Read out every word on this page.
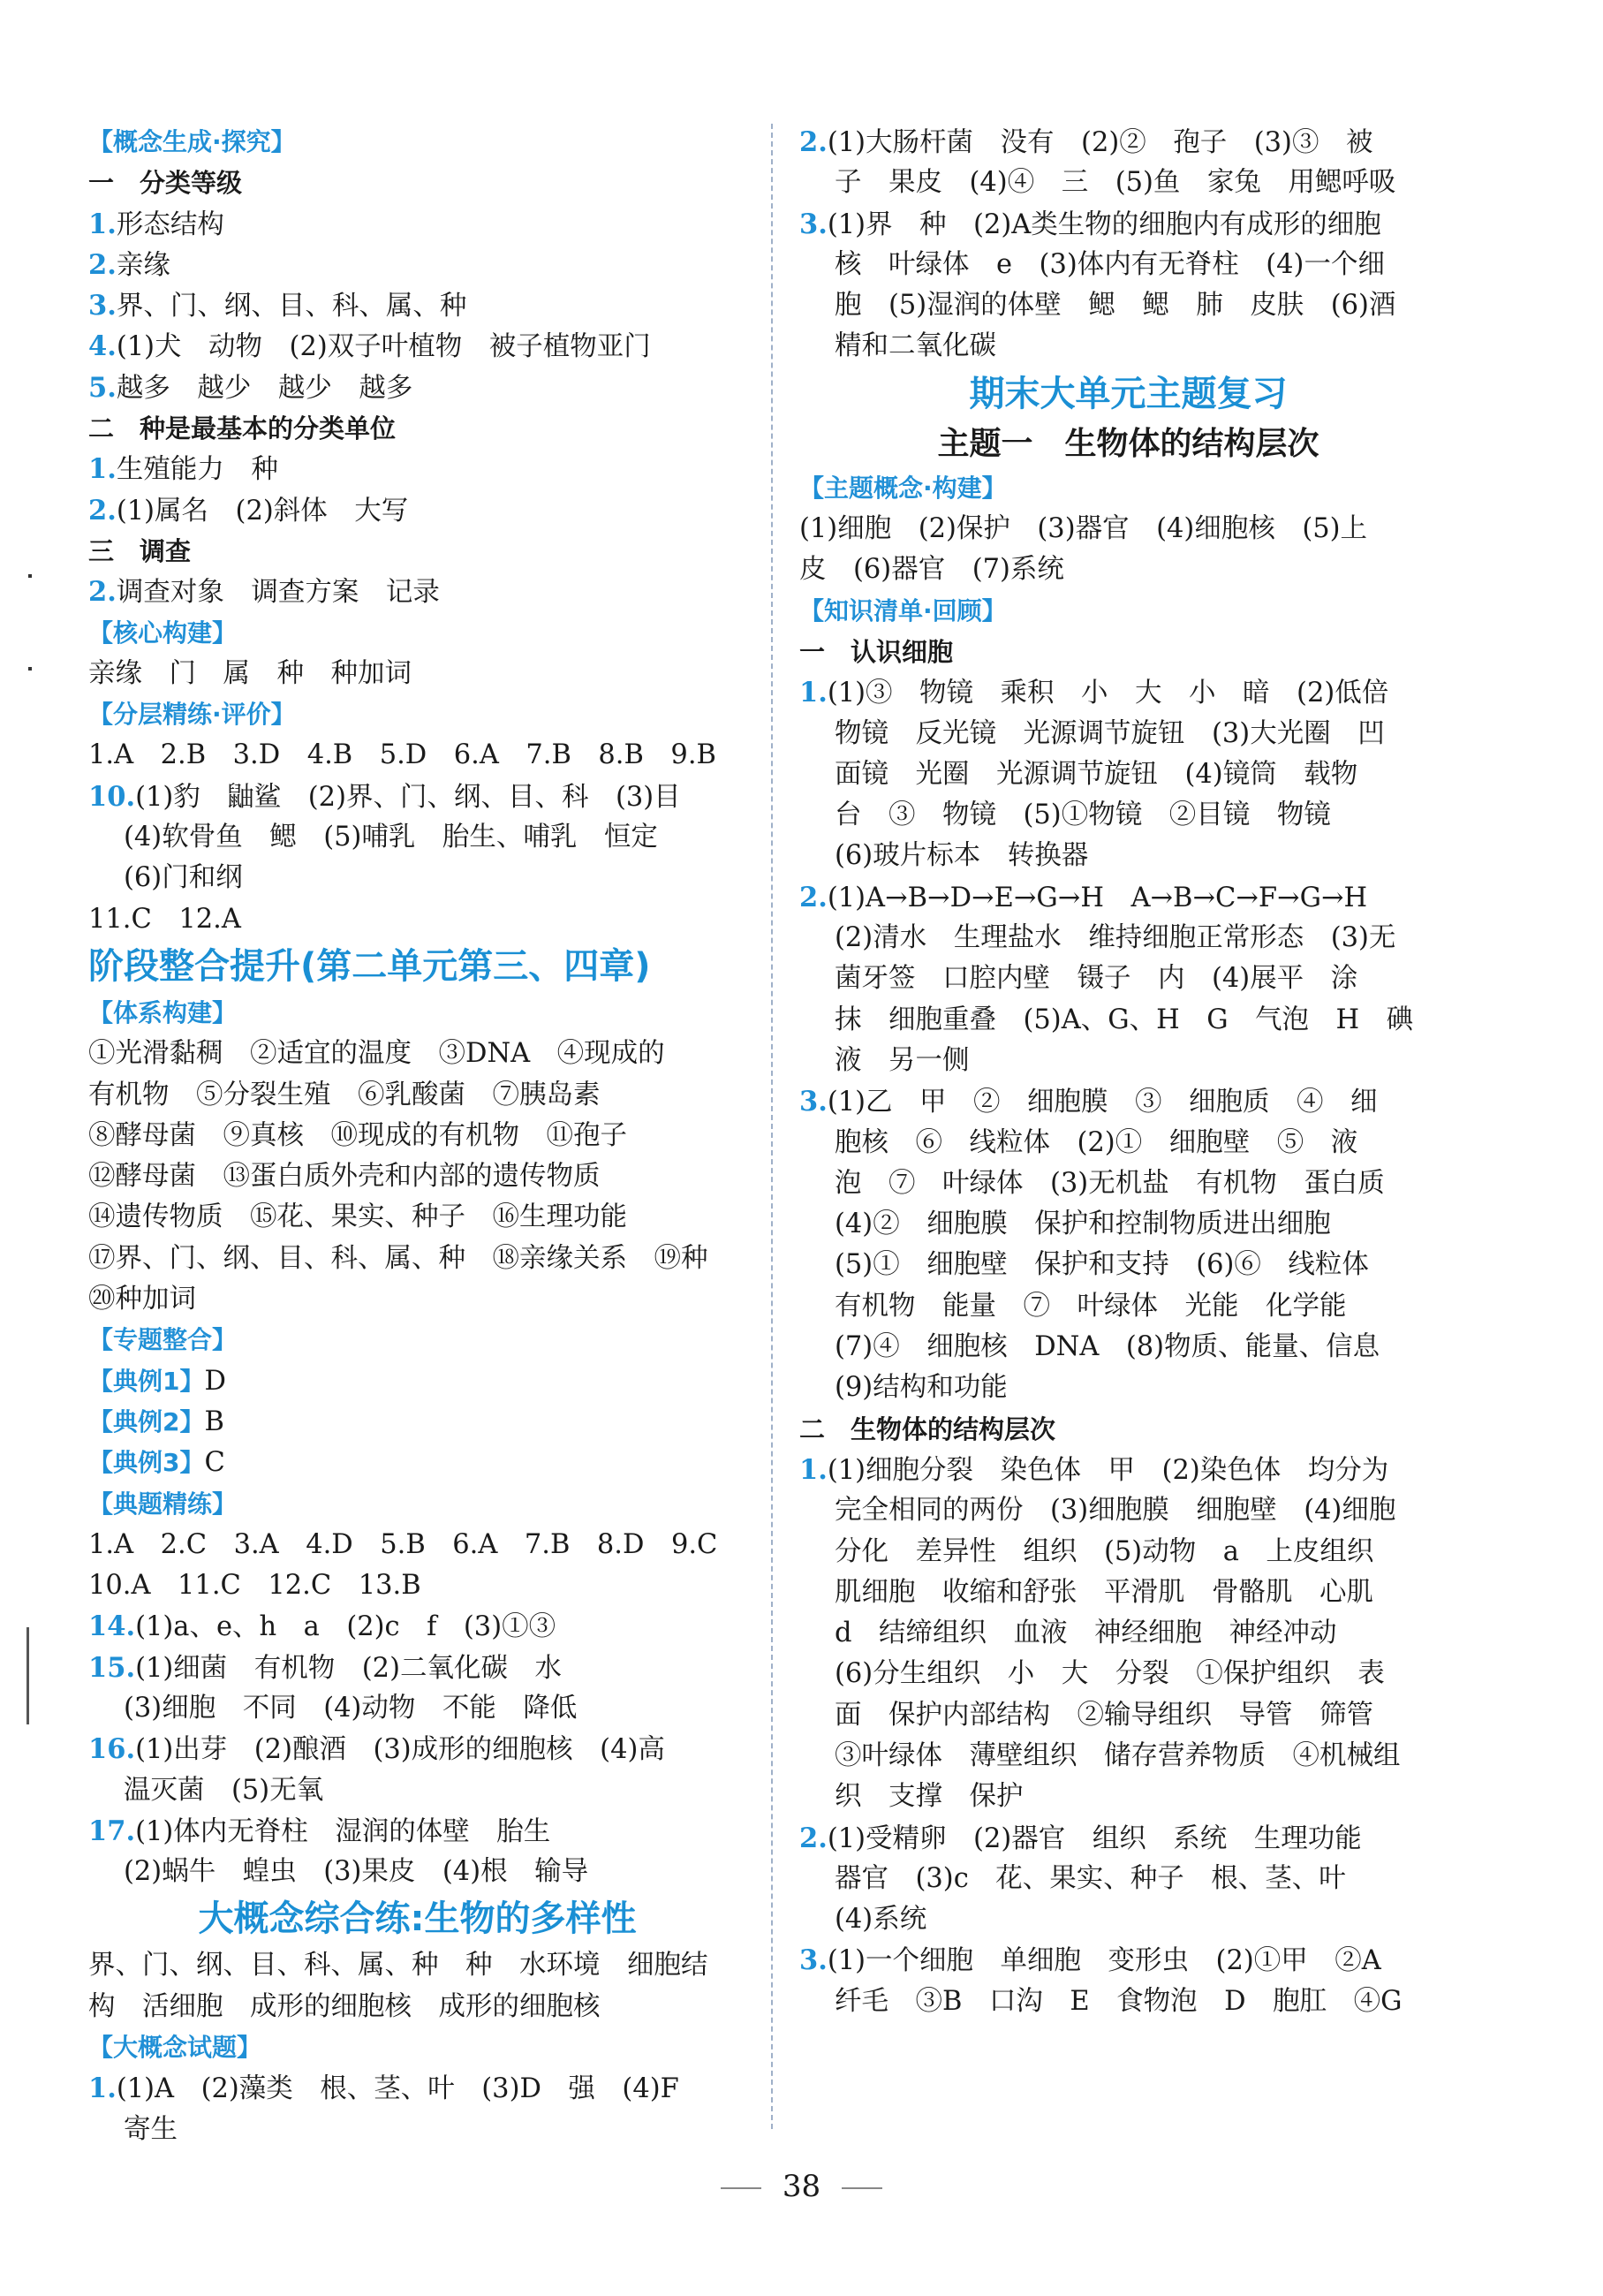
【概念生成·探究】
一　分类等级
1.形态结构
2.亲缘
3.界、门、纲、目、科、属、种
4.(1)犬　动物　(2)双子叶植物　被子植物亚门
5.越多　越少　越少　越多
二　种是最基本的分类单位
1.生殖能力　种
2.(1)属名　(2)斜体　大写
三　调查
2.调查对象　调查方案　记录
【核心构建】
亲缘　门　属　种　种加词
【分层精练·评价】
1.A　2.B　3.D　4.B　5.D　6.A　7.B　8.B　9.B
10.(1)豹　鼬鲨　(2)界、门、纲、目、科　(3)目
(4)软骨鱼　鳃　(5)哺乳　胎生、哺乳　恒定
(6)门和纲
11.C　12.A
阶段整合提升(第二单元第三、四章)
【体系构建】
①光滑黏稠　②适宜的温度　③DNA　④现成的
有机物　⑤分裂生殖　⑥乳酸菌　⑦胰岛素
⑧酵母菌　⑨真核　⑩现成的有机物　⑪孢子
⑫酵母菌　⑬蛋白质外壳和内部的遗传物质
⑭遗传物质　⑮花、果实、种子　⑯生理功能
⑰界、门、纲、目、科、属、种　⑱亲缘关系　⑲种
⑳种加词
【专题整合】
【典例1】D
【典例2】B
【典例3】C
【典题精练】
1.A　2.C　3.A　4.D　5.B　6.A　7.B　8.D　9.C
10.A　11.C　12.C　13.B
14.(1)a、e、h　a　(2)c　f　(3)①③
15.(1)细菌　有机物　(2)二氧化碳　水
(3)细胞　不同　(4)动物　不能　降低
16.(1)出芽　(2)酿酒　(3)成形的细胞核　(4)高
温灭菌　(5)无氧
17.(1)体内无脊柱　湿润的体壁　胎生
(2)蜗牛　蝗虫　(3)果皮　(4)根　输导
大概念综合练:生物的多样性
界、门、纲、目、科、属、种　种　水环境　细胞结
构　活细胞　成形的细胞核　成形的细胞核
【大概念试题】
1.(1)A　(2)藻类　根、茎、叶　(3)D　强　(4)F
寄生
2.(1)大肠杆菌　没有　(2)②　孢子　(3)③　被
子　果皮　(4)④　三　(5)鱼　家兔　用鳃呼吸
3.(1)界　种　(2)A类生物的细胞内有成形的细胞
核　叶绿体　e　(3)体内有无脊柱　(4)一个细
胞　(5)湿润的体壁　鳃　鳃　肺　皮肤　(6)酒
精和二氧化碳
期末大单元主题复习
主题一　生物体的结构层次
【主题概念·构建】
(1)细胞　(2)保护　(3)器官　(4)细胞核　(5)上
皮　(6)器官　(7)系统
【知识清单·回顾】
一　认识细胞
1.(1)③　物镜　乘积　小　大　小　暗　(2)低倍
物镜　反光镜　光源调节旋钮　(3)大光圈　凹
面镜　光圈　光源调节旋钮　(4)镜筒　载物
台　③　物镜　(5)①物镜　②目镜　物镜
(6)玻片标本　转换器
2.(1)A→B→D→E→G→H　A→B→C→F→G→H
(2)清水　生理盐水　维持细胞正常形态　(3)无
菌牙签　口腔内壁　镊子　内　(4)展平　涂
抹　细胞重叠　(5)A、G、H　G　气泡　H　碘
液　另一侧
3.(1)乙　甲　②　细胞膜　③　细胞质　④　细
胞核　⑥　线粒体　(2)①　细胞壁　⑤　液
泡　⑦　叶绿体　(3)无机盐　有机物　蛋白质
(4)②　细胞膜　保护和控制物质进出细胞
(5)①　细胞壁　保护和支持　(6)⑥　线粒体
有机物　能量　⑦　叶绿体　光能　化学能
(7)④　细胞核　DNA　(8)物质、能量、信息
(9)结构和功能
二　生物体的结构层次
1.(1)细胞分裂　染色体　甲　(2)染色体　均分为
完全相同的两份　(3)细胞膜　细胞壁　(4)细胞
分化　差异性　组织　(5)动物　a　上皮组织
肌细胞　收缩和舒张　平滑肌　骨骼肌　心肌
d　结缔组织　血液　神经细胞　神经冲动
(6)分生组织　小　大　分裂　①保护组织　表
面　保护内部结构　②输导组织　导管　筛管
③叶绿体　薄壁组织　储存营养物质　④机械组
织　支撑　保护
2.(1)受精卵　(2)器官　组织　系统　生理功能
器官　(3)c　花、果实、种子　根、茎、叶
(4)系统
3.(1)一个细胞　单细胞　变形虫　(2)①甲　②A
纤毛　③B　口沟　E　食物泡　D　胞肛　④G
38
